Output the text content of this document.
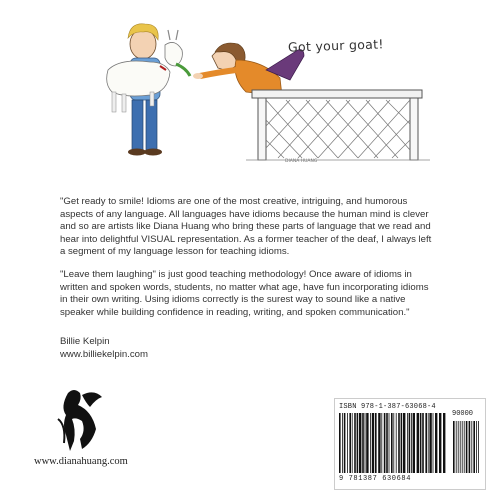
DIANA HUANG
Got your goat!

"Get ready to smile! Idioms are one of the most creative, intriguing, and humorous aspects of any language. All languages have idioms because the human mind is clever and so are artists like Diana Huang who bring these parts of language that we read and hear into delightful VISUAL representation. As a former teacher of the deaf, I always left a segment of my language lesson for teaching idioms.

"Leave them laughing" is just good teaching methodology! Once aware of idioms in written and spoken words, students, no matter what age, have fun incorporating idioms in their own writing. Using idioms correctly is the surest way to sound like a native speaker while building confidence in reading, writing, and spoken communication."

Billie Kelpin
www.billiekelpin.com
www.dianahuang.com
ISBN 978-1-387-63068-4
90000
9 781387 630684
